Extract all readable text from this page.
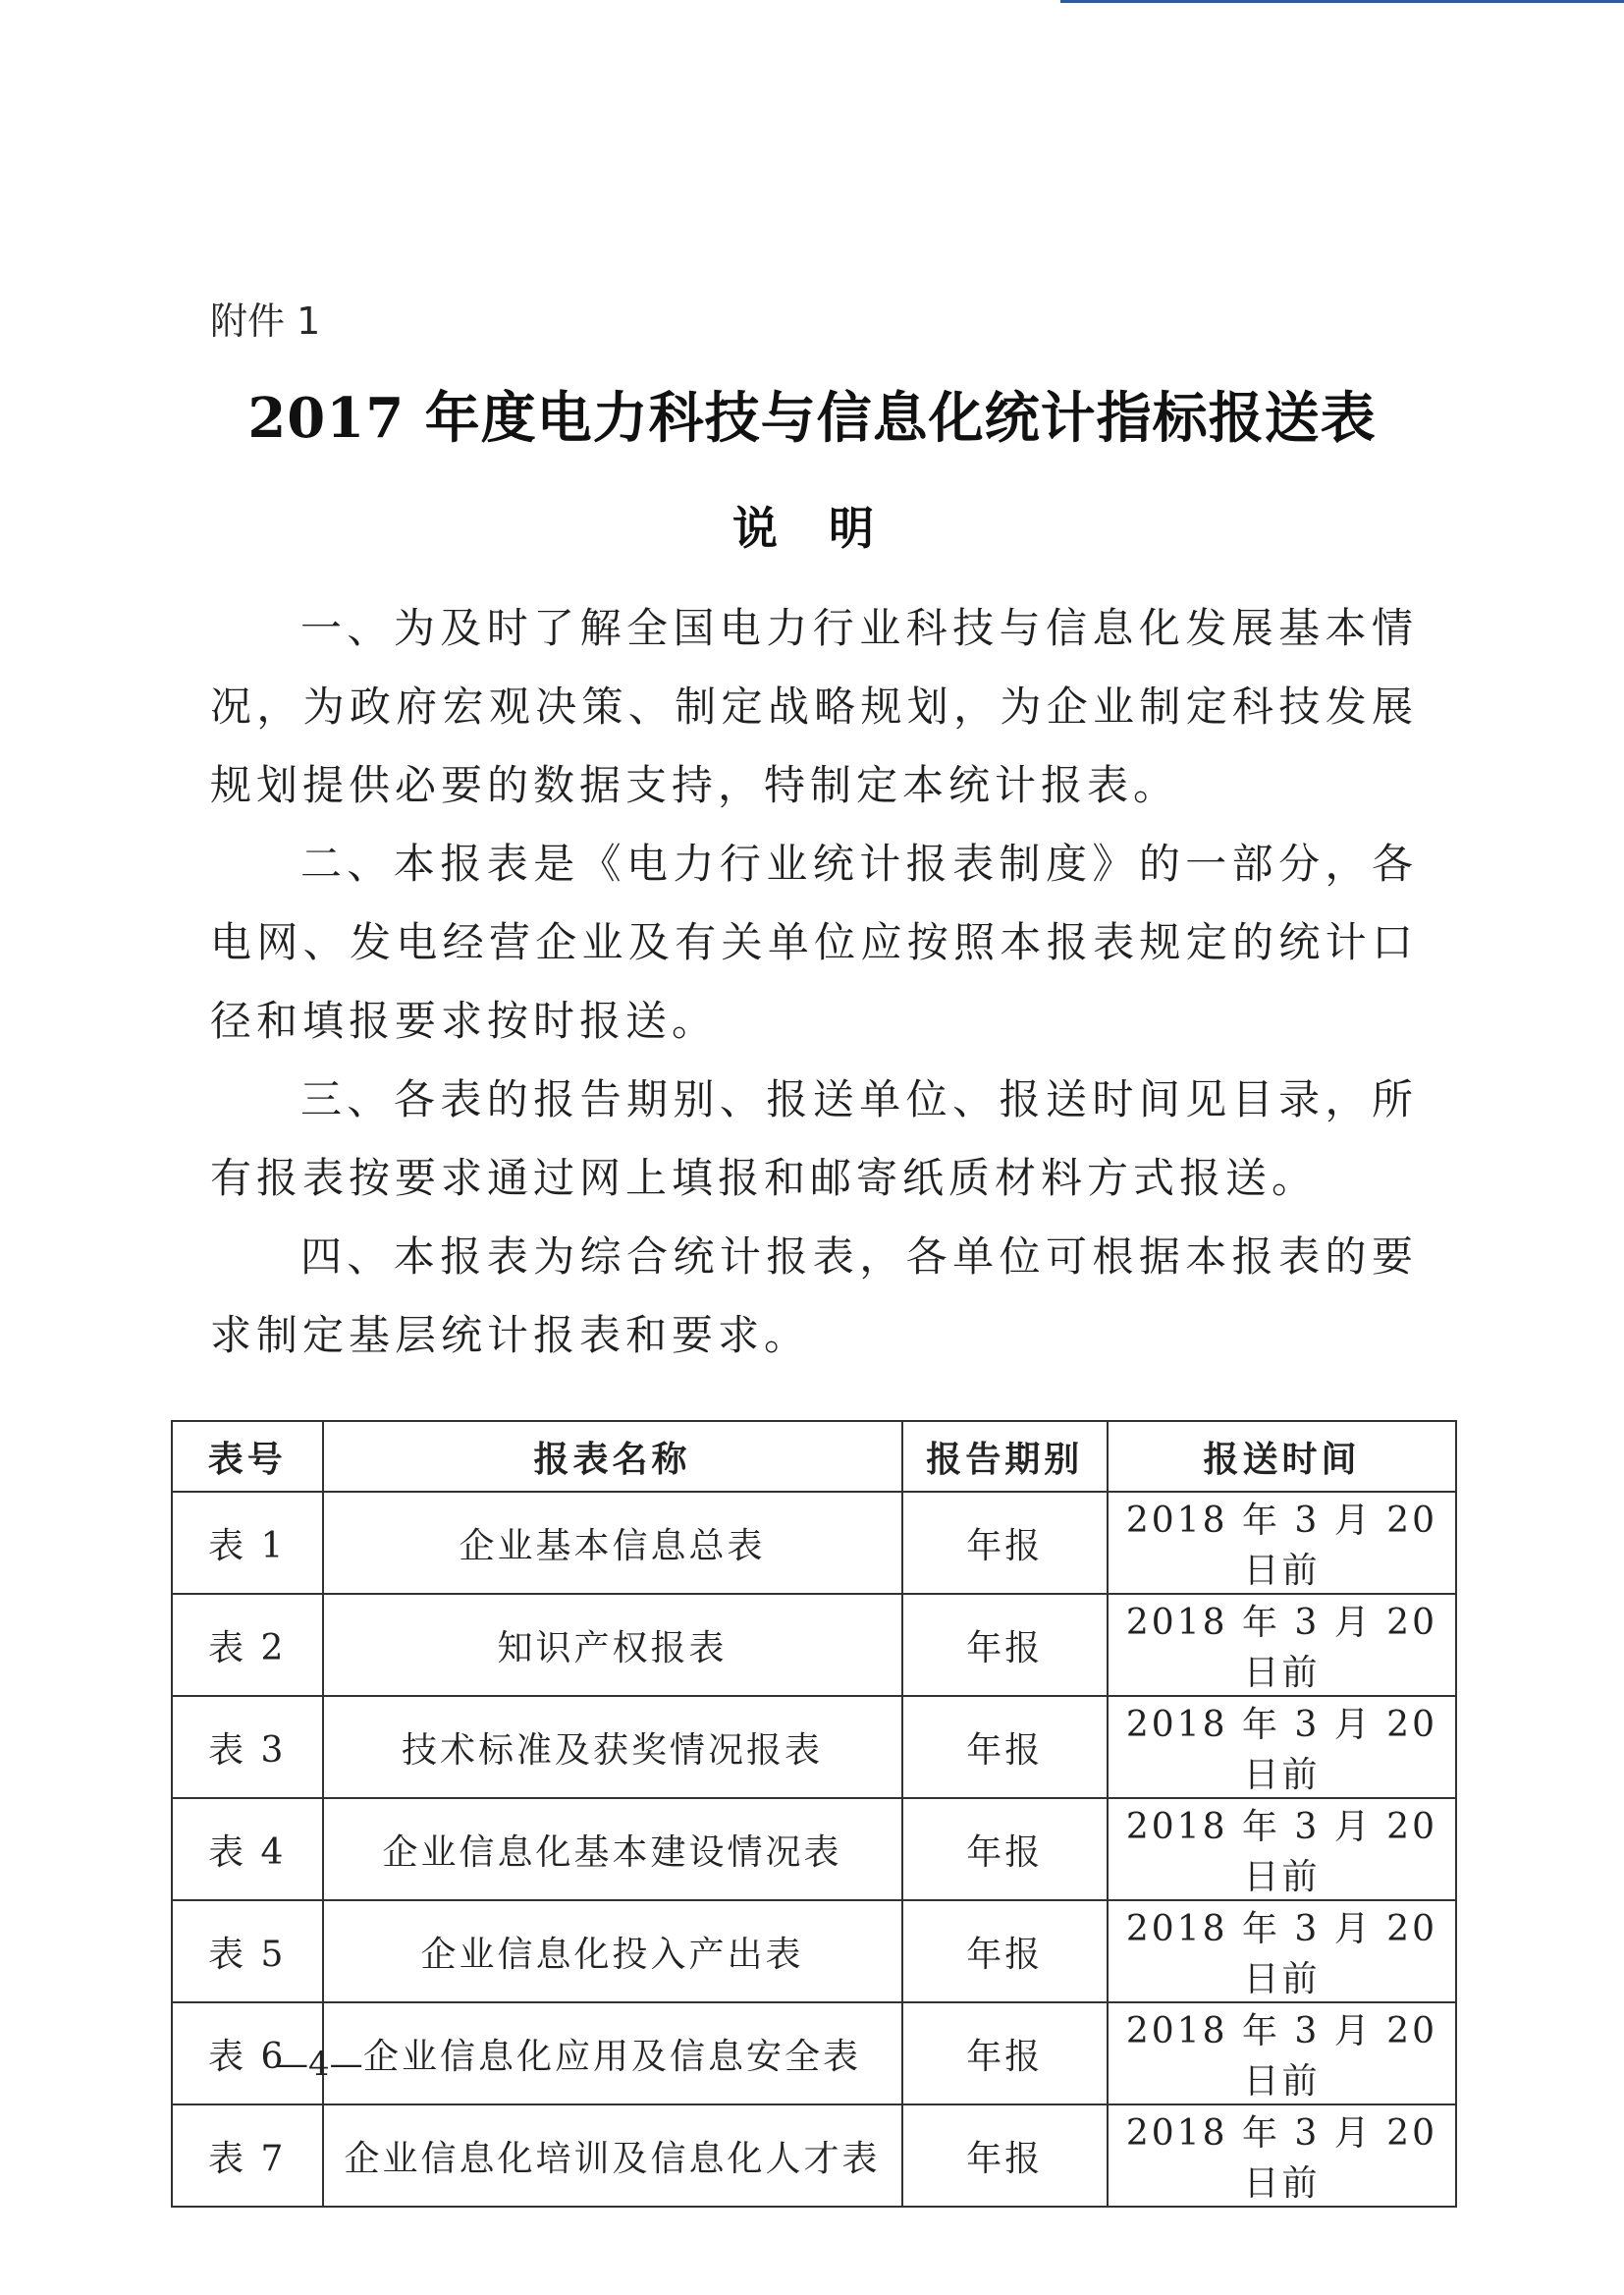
附件 1
2017 年度电力科技与信息化统计指标报送表
说 明

一、为及时了解全国电力行业科技与信息化发展基本情况，为政府宏观决策、制定战略规划，为企业制定科技发展规划提供必要的数据支持，特制定本统计报表。

二、本报表是《电力行业统计报表制度》的一部分，各电网、发电经营企业及有关单位应按照本报表规定的统计口径和填报要求按时报送。

三、各表的报告期别、报送单位、报送时间见目录，所有报表按要求通过网上填报和邮寄纸质材料方式报送。

四、本报表为综合统计报表，各单位可根据本报表的要求制定基层统计报表和要求。

表号	报表名称	报告期别	报送时间
表 1	企业基本信息总表	年报	2018 年 3 月 20 日前
表 2	知识产权报表	年报	2018 年 3 月 20 日前
表 3	技术标准及获奖情况报表	年报	2018 年 3 月 20 日前
表 4	企业信息化基本建设情况表	年报	2018 年 3 月 20 日前
表 5	企业信息化投入产出表	年报	2018 年 3 月 20 日前
表 6	企业信息化应用及信息安全表	年报	2018 年 3 月 20 日前
表 7	企业信息化培训及信息化人才表	年报	2018 年 3 月 20 日前
—4—
